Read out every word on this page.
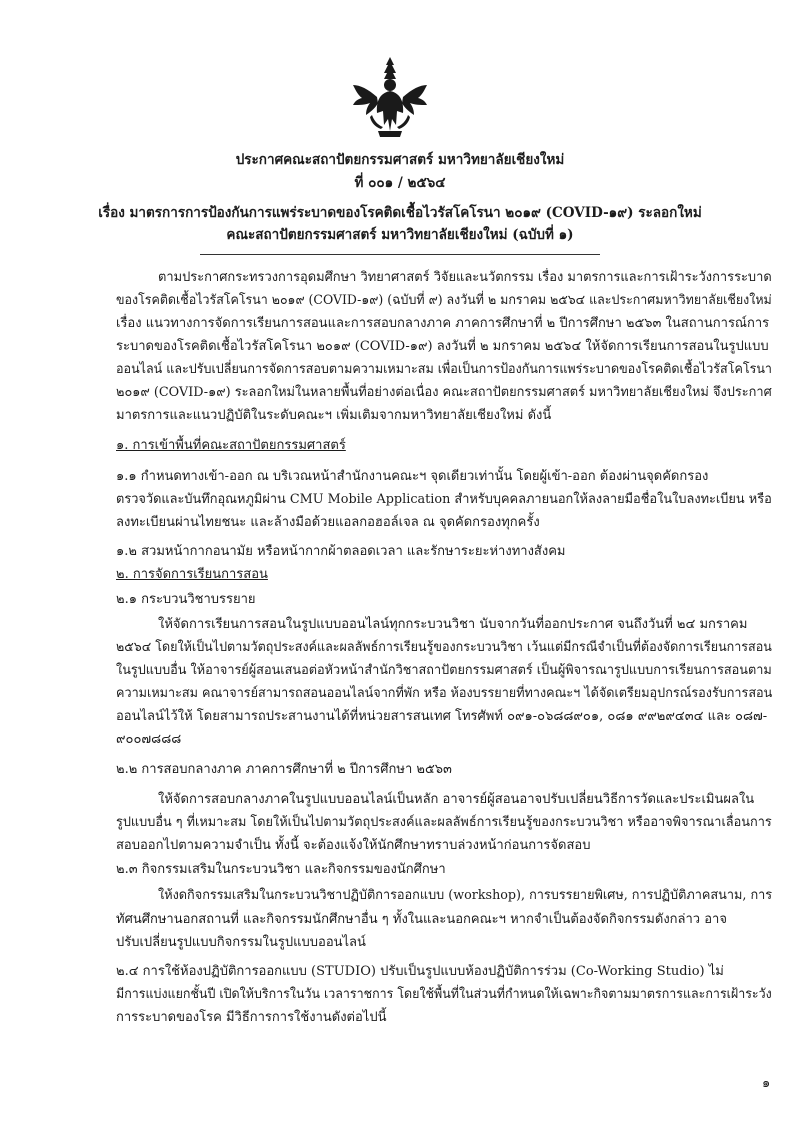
ประกาศคณะสถาปัตยกรรมศาสตร์ มหาวิทยาลัยเชียงใหม่
ที่ ๐๐๑ / ๒๕๖๔
เรื่อง มาตรการการป้องกันการแพร่ระบาดของโรคติดเชื้อไวรัสโคโรนา ๒๐๑๙ (COVID-๑๙) ระลอกใหม่
คณะสถาปัตยกรรมศาสตร์ มหาวิทยาลัยเชียงใหม่ (ฉบับที่ ๑)
ตามประกาศกระทรวงการอุดมศึกษา วิทยาศาสตร์ วิจัยและนวัตกรรม เรื่อง มาตรการและการเฝ้าระวังการระบาด
ของโรคติดเชื้อไวรัสโคโรนา ๒๐๑๙ (COVID-๑๙) (ฉบับที่ ๙) ลงวันที่ ๒ มกราคม ๒๕๖๔ และประกาศมหาวิทยาลัยเชียงใหม่
เรื่อง แนวทางการจัดการเรียนการสอนและการสอบกลางภาค ภาคการศึกษาที่ ๒ ปีการศึกษา ๒๕๖๓ ในสถานการณ์การ
ระบาดของโรคติดเชื้อไวรัสโคโรนา ๒๐๑๙ (COVID-๑๙) ลงวันที่ ๒ มกราคม ๒๕๖๔ ให้จัดการเรียนการสอนในรูปแบบ
ออนไลน์ และปรับเปลี่ยนการจัดการสอบตามความเหมาะสม เพื่อเป็นการป้องกันการแพร่ระบาดของโรคติดเชื้อไวรัสโคโรนา
๒๐๑๙ (COVID-๑๙) ระลอกใหม่ในหลายพื้นที่อย่างต่อเนื่อง คณะสถาปัตยกรรมศาสตร์ มหาวิทยาลัยเชียงใหม่ จึงประกาศ
มาตรการและแนวปฏิบัติในระดับคณะฯ เพิ่มเติมจากมหาวิทยาลัยเชียงใหม่ ดังนี้
๑. การเข้าพื้นที่คณะสถาปัตยกรรมศาสตร์
๑.๑ กำหนดทางเข้า-ออก ณ บริเวณหน้าสำนักงานคณะฯ จุดเดียวเท่านั้น โดยผู้เข้า-ออก ต้องผ่านจุดคัดกรอง
ตรวจวัดและบันทึกอุณหภูมิผ่าน CMU Mobile Application สำหรับบุคคลภายนอกให้ลงลายมือชื่อในใบลงทะเบียน หรือ
ลงทะเบียนผ่านไทยชนะ และล้างมือด้วยแอลกอฮอล์เจล ณ จุดคัดกรองทุกครั้ง
๑.๒ สวมหน้ากากอนามัย หรือหน้ากากผ้าตลอดเวลา และรักษาระยะห่างทางสังคม
๒. การจัดการเรียนการสอน
๒.๑ กระบวนวิชาบรรยาย
ให้จัดการเรียนการสอนในรูปแบบออนไลน์ทุกกระบวนวิชา นับจากวันที่ออกประกาศ จนถึงวันที่ ๒๔ มกราคม
๒๕๖๔ โดยให้เป็นไปตามวัตถุประสงค์และผลลัพธ์การเรียนรู้ของกระบวนวิชา เว้นแต่มีกรณีจำเป็นที่ต้องจัดการเรียนการสอน
ในรูปแบบอื่น ให้อาจารย์ผู้สอนเสนอต่อหัวหน้าสำนักวิชาสถาปัตยกรรมศาสตร์ เป็นผู้พิจารณารูปแบบการเรียนการสอนตาม
ความเหมาะสม คณาจารย์สามารถสอนออนไลน์จากที่พัก หรือ ห้องบรรยายที่ทางคณะฯ ได้จัดเตรียมอุปกรณ์รองรับการสอน
ออนไลน์ไว้ให้ โดยสามารถประสานงานได้ที่หน่วยสารสนเทศ โทรศัพท์ ๐๙๑-๐๖๘๘๙๐๑, ๐๘๑ ๙๙๒๙๔๓๔ และ ๐๘๗-
๙๐๐๗๘๘๘
๒.๒ การสอบกลางภาค ภาคการศึกษาที่ ๒ ปีการศึกษา ๒๕๖๓
ให้จัดการสอบกลางภาคในรูปแบบออนไลน์เป็นหลัก อาจารย์ผู้สอนอาจปรับเปลี่ยนวิธีการวัดและประเมินผลใน
รูปแบบอื่น ๆ ที่เหมาะสม โดยให้เป็นไปตามวัตถุประสงค์และผลลัพธ์การเรียนรู้ของกระบวนวิชา หรืออาจพิจารณาเลื่อนการ
สอบออกไปตามความจำเป็น ทั้งนี้ จะต้องแจ้งให้นักศึกษาทราบล่วงหน้าก่อนการจัดสอบ
๒.๓ กิจกรรมเสริมในกระบวนวิชา และกิจกรรมของนักศึกษา
ให้งดกิจกรรมเสริมในกระบวนวิชาปฏิบัติการออกแบบ (workshop), การบรรยายพิเศษ, การปฏิบัติภาคสนาม, การ
ทัศนศึกษานอกสถานที่ และกิจกรรมนักศึกษาอื่น ๆ ทั้งในและนอกคณะฯ หากจำเป็นต้องจัดกิจกรรมดังกล่าว อาจ
ปรับเปลี่ยนรูปแบบกิจกรรมในรูปแบบออนไลน์
๒.๔ การใช้ห้องปฏิบัติการออกแบบ (STUDIO) ปรับเป็นรูปแบบห้องปฏิบัติการร่วม (Co-Working Studio) ไม่
มีการแบ่งแยกชั้นปี เปิดให้บริการในวัน เวลาราชการ โดยใช้พื้นที่ในส่วนที่กำหนดให้เฉพาะกิจตามมาตรการและการเฝ้าระวัง
การระบาดของโรค มีวิธีการการใช้งานดังต่อไปนี้
๑
